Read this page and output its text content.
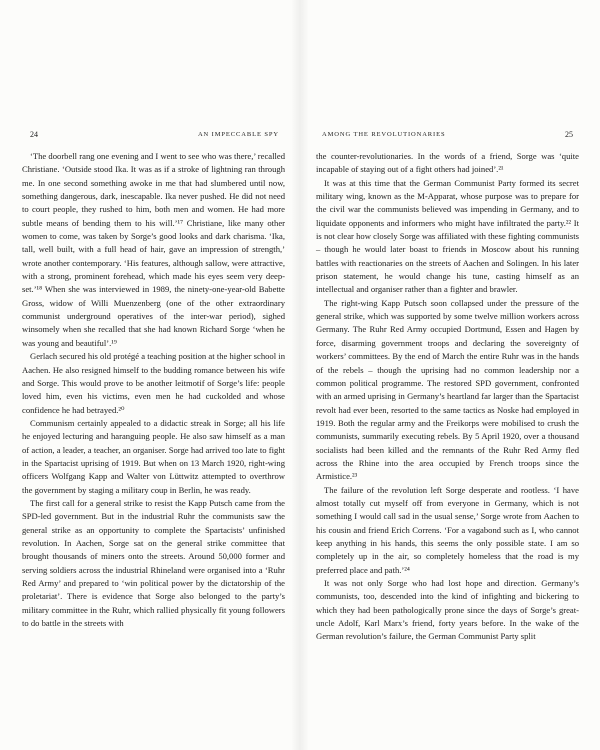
24	AN IMPECCABLE SPY

‘The doorbell rang one evening and I went to see who was there,’ recalled Christiane. ‘Outside stood Ika. It was as if a stroke of lightning ran through me. In one second something awoke in me that had slumbered until now, something dangerous, dark, inescapable. Ika never pushed. He did not need to court people, they rushed to him, both men and women. He had more subtle means of bending them to his will.’¹⁷ Christiane, like many other women to come, was taken by Sorge’s good looks and dark charisma. ‘Ika, tall, well built, with a full head of hair, gave an impression of strength,’ wrote another contemporary. ‘His features, although sallow, were attractive, with a strong, prominent forehead, which made his eyes seem very deep-set.’¹⁸ When she was interviewed in 1989, the ninety-one-year-old Babette Gross, widow of Willi Muenzenberg (one of the other extraordinary communist underground operatives of the inter-war period), sighed winsomely when she recalled that she had known Richard Sorge ‘when he was young and beautiful’.¹⁹

Gerlach secured his old protégé a teaching position at the higher school in Aachen. He also resigned himself to the budding romance between his wife and Sorge. This would prove to be another leitmotif of Sorge’s life: people loved him, even his victims, even men he had cuckolded and whose confidence he had betrayed.²⁰

Communism certainly appealed to a didactic streak in Sorge; all his life he enjoyed lecturing and haranguing people. He also saw himself as a man of action, a leader, a teacher, an organiser. Sorge had arrived too late to fight in the Spartacist uprising of 1919. But when on 13 March 1920, right-wing officers Wolfgang Kapp and Walter von Lüttwitz attempted to overthrow the government by staging a military coup in Berlin, he was ready.

The first call for a general strike to resist the Kapp Putsch came from the SPD-led government. But in the industrial Ruhr the communists saw the general strike as an opportunity to complete the Spartacists’ unfinished revolution. In Aachen, Sorge sat on the general strike committee that brought thousands of miners onto the streets. Around 50,000 former and serving soldiers across the industrial Rhineland were organised into a ‘Ruhr Red Army’ and prepared to ‘win political power by the dictatorship of the proletariat’. There is evidence that Sorge also belonged to the party’s military committee in the Ruhr, which rallied physically fit young followers to do battle in the streets with

AMONG THE REVOLUTIONARIES	25

the counter-revolutionaries. In the words of a friend, Sorge was ‘quite incapable of staying out of a fight others had joined’.²¹

It was at this time that the German Communist Party formed its secret military wing, known as the M-Apparat, whose purpose was to prepare for the civil war the communists believed was impending in Germany, and to liquidate opponents and informers who might have infiltrated the party.²² It is not clear how closely Sorge was affiliated with these fighting communists – though he would later boast to friends in Moscow about his running battles with reactionaries on the streets of Aachen and Solingen. In his later prison statement, he would change his tune, casting himself as an intellectual and organiser rather than a fighter and brawler.

The right-wing Kapp Putsch soon collapsed under the pressure of the general strike, which was supported by some twelve million workers across Germany. The Ruhr Red Army occupied Dortmund, Essen and Hagen by force, disarming government troops and declaring the sovereignty of workers’ committees. By the end of March the entire Ruhr was in the hands of the rebels – though the uprising had no common leadership nor a common political programme. The restored SPD government, confronted with an armed uprising in Germany’s heartland far larger than the Spartacist revolt had ever been, resorted to the same tactics as Noske had employed in 1919. Both the regular army and the Freikorps were mobilised to crush the communists, summarily executing rebels. By 5 April 1920, over a thousand socialists had been killed and the remnants of the Ruhr Red Army fled across the Rhine into the area occupied by French troops since the Armistice.²³

The failure of the revolution left Sorge desperate and rootless. ‘I have almost totally cut myself off from everyone in Germany, which is not something I would call sad in the usual sense,’ Sorge wrote from Aachen to his cousin and friend Erich Correns. ‘For a vagabond such as I, who cannot keep anything in his hands, this seems the only possible state. I am so completely up in the air, so completely homeless that the road is my preferred place and path.’²⁴

It was not only Sorge who had lost hope and direction. Germany’s communists, too, descended into the kind of infighting and bickering to which they had been pathologically prone since the days of Sorge’s great-uncle Adolf, Karl Marx’s friend, forty years before. In the wake of the German revolution’s failure, the German Communist Party split
